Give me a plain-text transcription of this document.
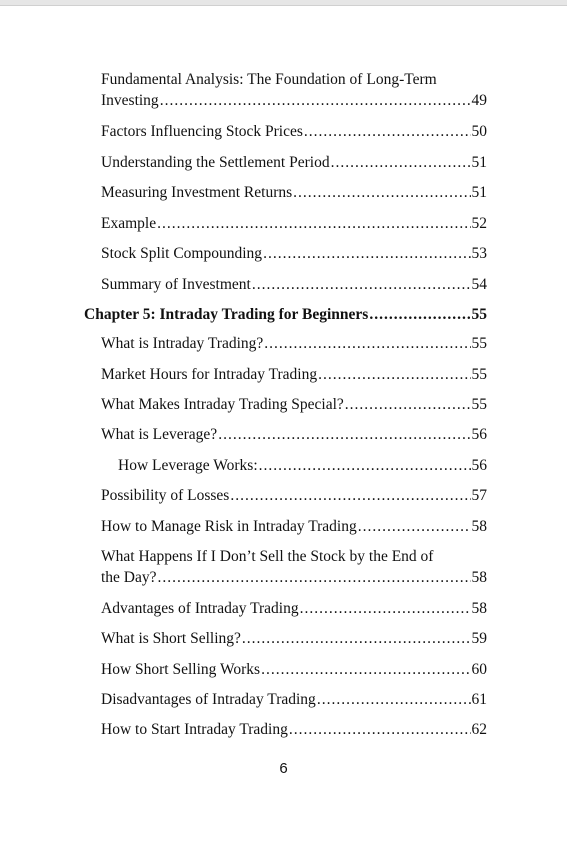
Fundamental Analysis: The Foundation of Long-Term
Investing .....	49
Factors Influencing Stock Prices .....	50
Understanding the Settlement Period .....	51
Measuring Investment Returns .....	51
Example .....	52
Stock Split Compounding .....	53
Summary of Investment .....	54
Chapter 5: Intraday Trading for Beginners .....	55
What is Intraday Trading? .....	55
Market Hours for Intraday Trading .....	55
What Makes Intraday Trading Special? .....	55
What is Leverage? .....	56
How Leverage Works: .....	56
Possibility of Losses .....	57
How to Manage Risk in Intraday Trading .....	58
What Happens If I Don’t Sell the Stock by the End of
the Day? .....	58
Advantages of Intraday Trading .....	58
What is Short Selling? .....	59
How Short Selling Works .....	60
Disadvantages of Intraday Trading .....	61
How to Start Intraday Trading .....	62
6
